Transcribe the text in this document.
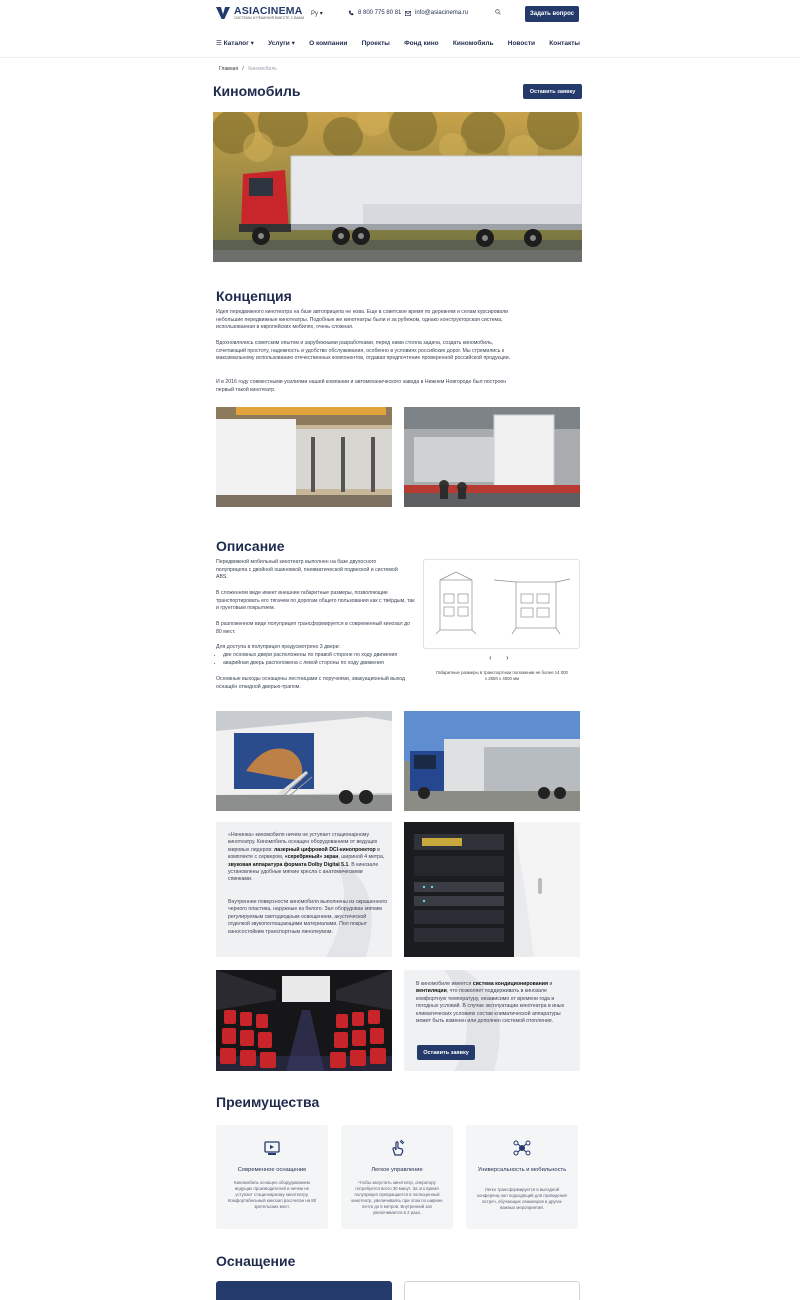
ASIACINEMA
СИСТЕМЫ И РЕШЕНИЯ ВМЕСТЕ С ВАМИ
Ру ▾	8 800 775 80 81 info@asiacinema.ru	Задать вопрос
☰ Каталог ▾ Услуги ▾ О компании Проекты Фонд кино Киномобиль Новости Контакты
Главная / Киномобиль
Киномобиль	Оставить заявку
Концепция

Идея передвижного кинотеатра на базе автоприцепа не нова. Еще в советское время по деревням и селам курсировали небольшие передвижные кинотеатры. Подобные же кинотеатры были и за рубежом, однако конструкторская система, использованная в европейских мобилях, очень сложная.

Вдохновлялись советским опытом и зарубежными разработками, перед нами стояла задача, создать киномобиль, сочетающий простоту, надежность и удобство обслуживания, особенно в условиях российских дорог. Мы стремились к максимальному использованию отечественных компонентов, отдавая предпочтение проверенной российской продукции.

И в 2016 году совместными усилиями нашей компании и автомеханического завода в Нижнем Новгороде был построен первый такой кинотеатр.

Описание

Передвижной мобильный кинотеатр выполнен на базе двухосного полуприцепа с двойной ошиновкой, пневматической подвеской и системой ABS.

В сложенном виде имеет внешние габаритные размеры, позволяющие транспортировать его тягачем по дорогам общего пользования как с твёрдым, так и грунтовым покрытием.

В разложенном виде полуприцеп трансформируется в современный кинозал до 80 мест.

Для доступа в полуприцеп предусмотрено 3 двери:

• две основных двери расположены по правой стороне по ходу движения
• аварийная дверь расположена с левой стороны по ходу движения

Основные выходы оснащены лестницами с поручнями, эвакуационный выход оснащён откидной дверью-трапом.

‹ ›

Габаритные размеры в транспортном положении не более 14 000 х 2550 х 4000 мм

«Начинка» киномобиля ничем не уступает стационарному кинотеатру. Киномобиль оснащен оборудованием от ведущих мировых лидеров: лазерный цифровой DCI-кинопроектор в комплекте с сервером, «серебряный» экран, шириной 4 метра, звуковая аппаратура формата Dolby Digital 5.1. В кинозале установлены удобные мягкие кресла с анатомическими спинками.

Внутренние поверхности киномобиля выполнены из окрашенного черного пластика, наружные из белого. Зал оборудован мягким регулируемым светодиодным освещением, акустической отделкой звукопоглощающими материалами. Пол покрыт износостойким транспортным линолеумом.

В киномобиле имеется система кондиционирования и вентиляции, что позволяет поддерживать в кинозале комфортную температуру, независимо от времени года и погодных условий. В случае эксплуатации кинотеатра в иных климатических условиях состав климатической аппаратуры может быть изменен или дополнен системой отопления.

Оставить заявку
Преимущества
Современное оснащение
Киномобиль оснащен оборудованием ведущих производителей и ничем не уступает стационарному кинотеатру. Комфортабельный кинозал рассчитан на 80 зрительских мест.
Легкое управление
Чтобы запустить кинотеатр, оператору потребуется всего 30 минут. За это время полуприцеп превращается в полноценный кинотеатр, увеличиваясь при этом по ширине почти до 6 метров. Внутренний зал увеличивается в 2 раза.
Универсальность и мобильность
Легко трансформируется в выездной конференц-зал подходящий для проведения встреч, обучающих семинаров и других важных мероприятий.
Оснащение
